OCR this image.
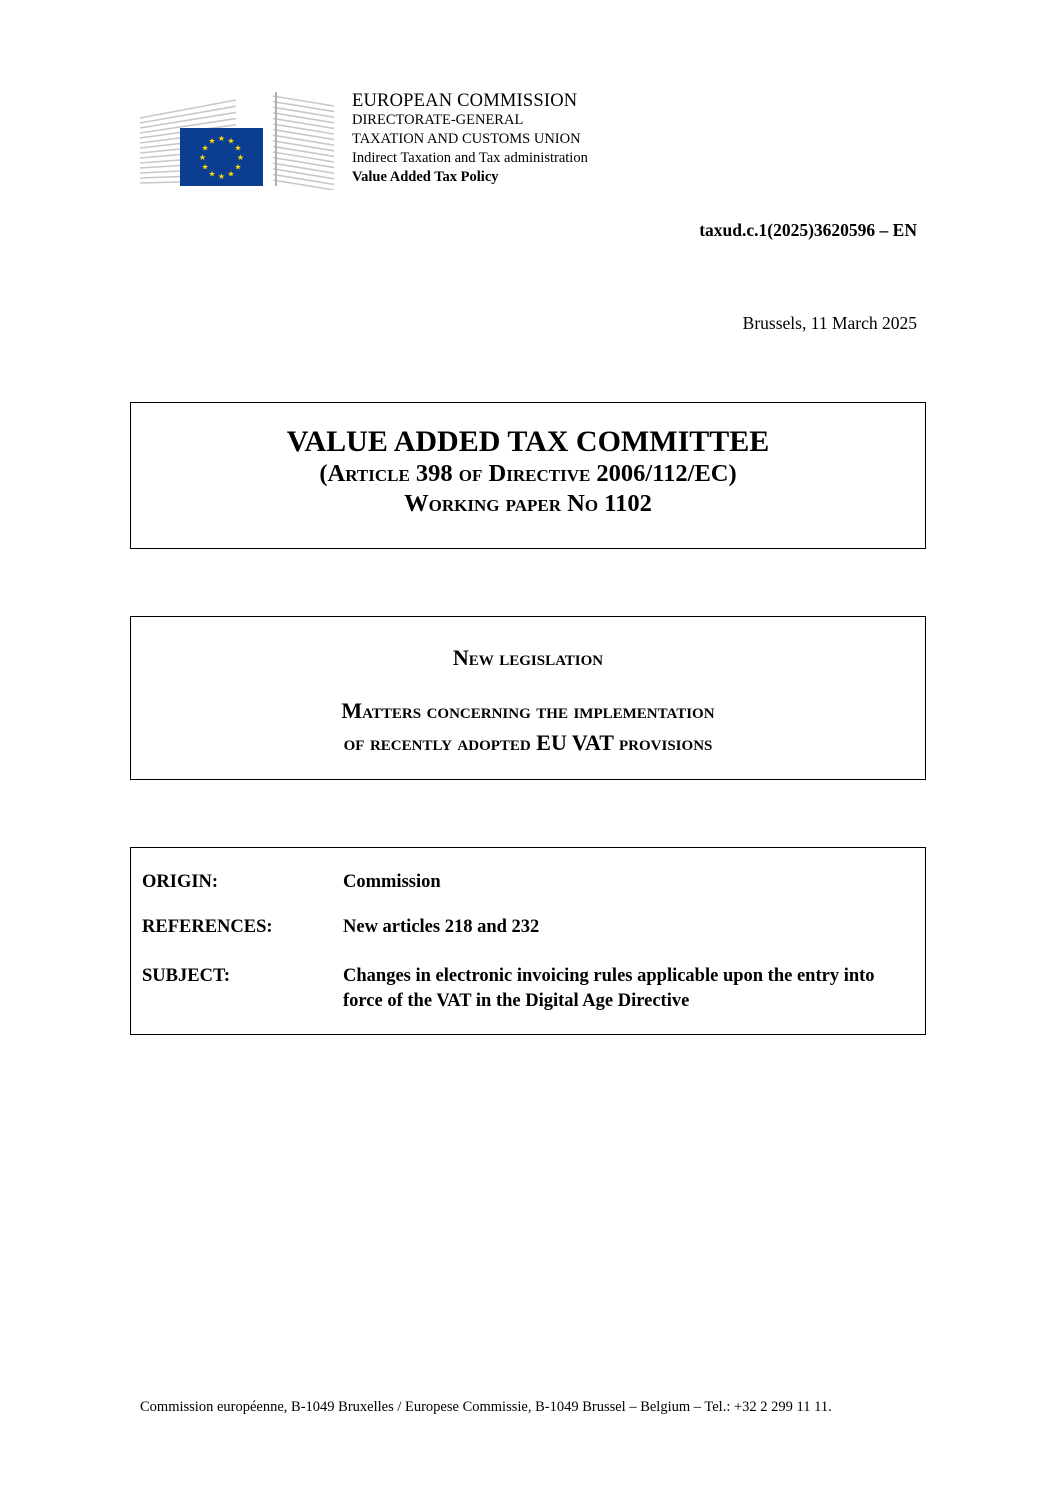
★ ★
★
★
★
★
★
★
★
★
★
★
EUROPEAN COMMISSION
DIRECTORATE-GENERAL
TAXATION AND CUSTOMS UNION
Indirect Taxation and Tax administration
Value Added Tax Policy
taxud.c.1(2025)3620596 – EN
Brussels, 11 March 2025
VALUE ADDED TAX COMMITTEE
(Article 398 of Directive 2006/112/EC)
Working paper No 1102
New legislation
Matters concerning the implementation
of recently adopted EU VAT provisions
ORIGIN:	Commission
REFERENCES:	New articles 218 and 232
SUBJECT:	Changes in electronic invoicing rules applicable upon the entry into force of the VAT in the Digital Age Directive
Commission européenne, B-1049 Bruxelles / Europese Commissie, B-1049 Brussel – Belgium – Tel.: +32 2 299 11 11.
